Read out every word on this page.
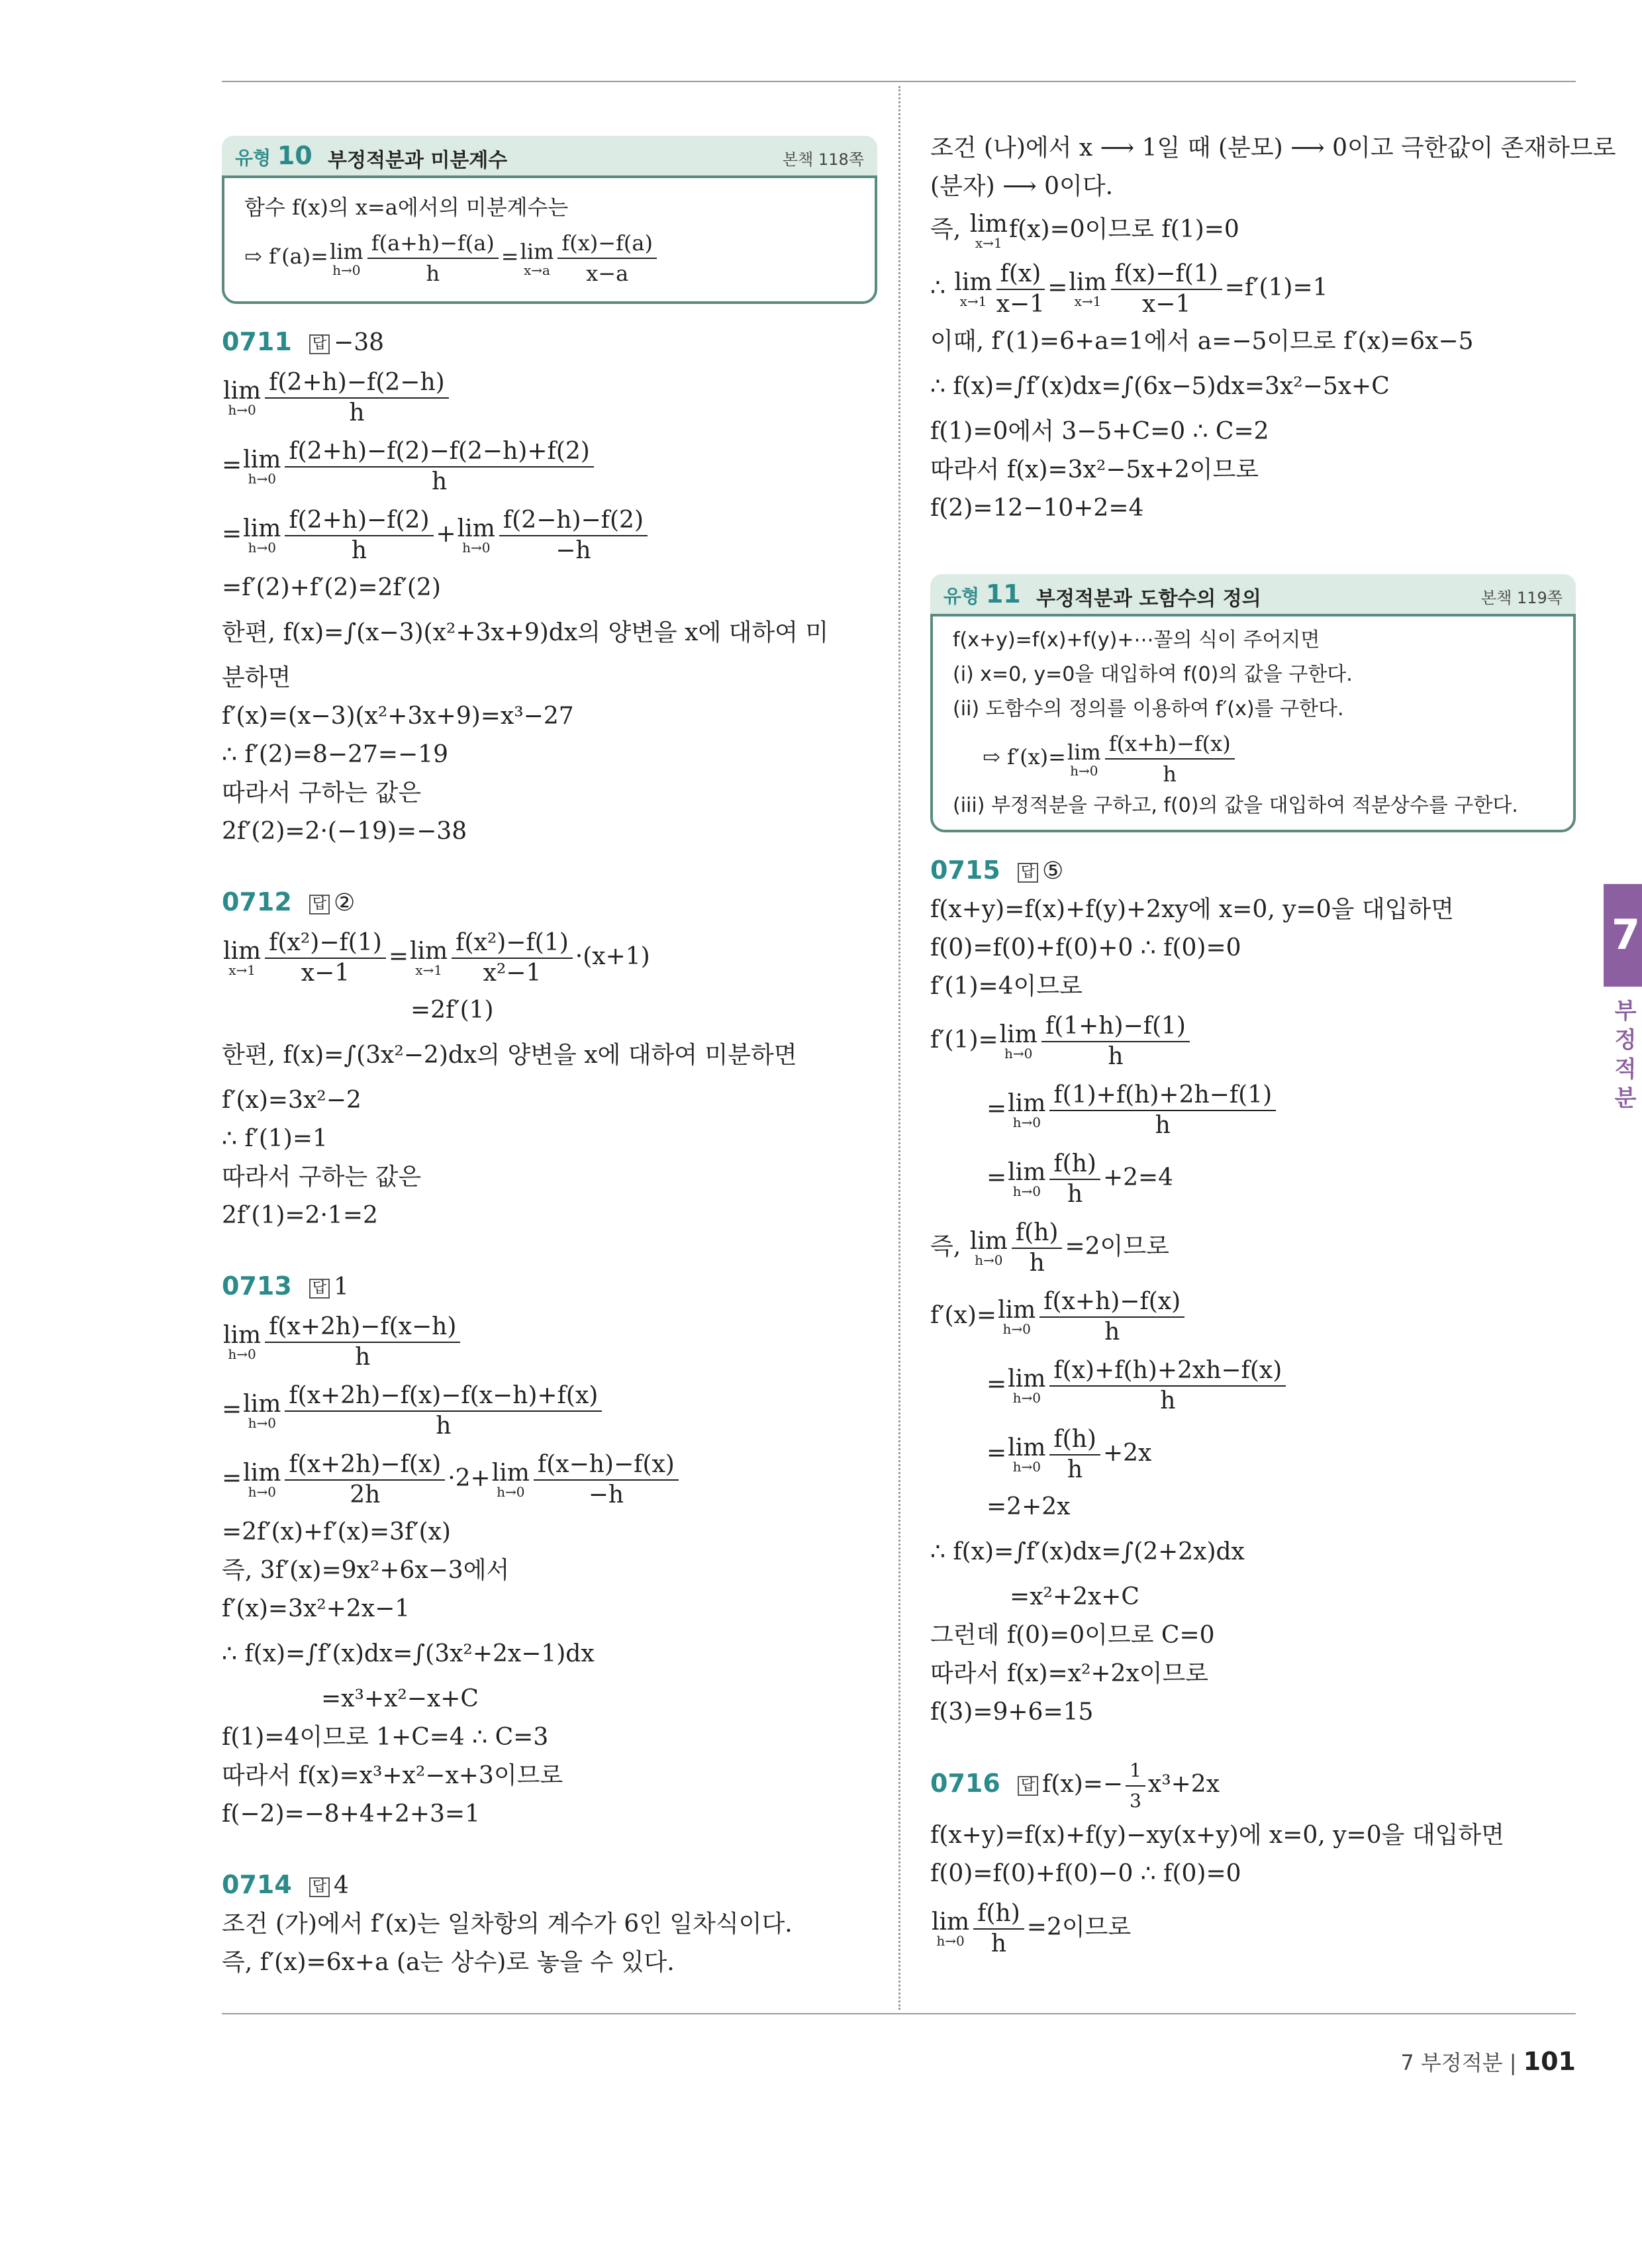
유형 10 부정적분과 미분계수	본책 118쪽
함수 f(x)의 x=a에서의 미분계수는
⇨ f′(a)= lim
$h\to 0 \frac{f(a+h)-f(a)}{h} = \lim$
$x\to a \frac{f(x)-f(a)}{x-a}$
0711 답 −38
lim
$h\to 0 \frac{f(2+h)-f(2-h)}{h}$
= lim
$h\to 0 \frac{f(2+h)-f(2)-f(2-h)+f(2)}{h}$
= lim
$h\to 0 \frac{f(2+h)-f(2)}{h} + \lim$
$h\to 0 \frac{f(2-h)-f(2)}{-h}$
=f′(2)+f′(2)=2f′(2)
한편, f(x)=∫(x−3)(x²+3x+9)dx의 양변을 x에 대하여 미
분하면
f′(x)=(x−3)(x²+3x+9)=x³−27
∴ f′(2)=8−27=−19
따라서 구하는 값은
2f′(2)=2·(−19)=−38
0712 답 ②
lim
$x\to 1 \frac{\text{f(x²)−f(1)}}{x-1} = \lim$
$x\to 1 \frac{\text{f(x²)−f(1)}}{\text{x²−1}} \cdot(x+1)$
=2f′(1)
한편, f(x)=∫(3x²−2)dx의 양변을 x에 대하여 미분하면
f′(x)=3x²−2
∴ f′(1)=1
따라서 구하는 값은
2f′(1)=2·1=2
0713 답 1
lim
$h\to 0 \frac{f(x+2h)-f(x-h)}{h}$
= lim
$h\to 0 \frac{f(x+2h)-f(x)-f(x-h)+f(x)}{h}$
= lim
$h\to 0 \frac{f(x+2h)-f(x)}{2h} \cdot 2+ \lim$
$h\to 0 \frac{f(x-h)-f(x)}{-h}$
=2f′(x)+f′(x)=3f′(x)
즉, 3f′(x)=9x²+6x−3에서
f′(x)=3x²+2x−1
∴ f(x)=∫f′(x)dx=∫(3x²+2x−1)dx
=x³+x²−x+C
f(1)=4이므로 1+C=4 ∴ C=3
따라서 f(x)=x³+x²−x+3이므로
f(−2)=−8+4+2+3=1
0714 답 4
조건 (가)에서 f′(x)는 일차항의 계수가 6인 일차식이다.
즉, f′(x)=6x+a (a는 상수)로 놓을 수 있다.
조건 (나)에서 x ⟶ 1일 때 (분모) ⟶ 0이고 극한값이 존재하므로
(분자) ⟶ 0이다.
즉, lim
x→1 f(x)=0이므로 f(1)=0
∴ lim
$x\to 1 \frac{f(x)}{x-1} = \lim$
$x\to 1 \frac{f(x)-f(1)}{x-1} =f'(1)=1$
이때, f′(1)=6+a=1에서 a=−5이므로 f′(x)=6x−5
∴ f(x)=∫f′(x)dx=∫(6x−5)dx=3x²−5x+C
f(1)=0에서 3−5+C=0 ∴ C=2
따라서 f(x)=3x²−5x+2이므로
f(2)=12−10+2=4
유형 11 부정적분과 도함수의 정의	본책 119쪽
f(x+y)=f(x)+f(y)+⋯꼴의 식이 주어지면
(i) x=0, y=0을 대입하여 f(0)의 값을 구한다.
(ii) 도함수의 정의를 이용하여 f′(x)를 구한다.
⇨ f′(x)= lim
$h\to 0 \frac{f(x+h)-f(x)}{h}$
(iii) 부정적분을 구하고, f(0)의 값을 대입하여 적분상수를 구한다.
0715 답 ⑤
f(x+y)=f(x)+f(y)+2xy에 x=0, y=0을 대입하면
f(0)=f(0)+f(0)+0 ∴ f(0)=0
f′(1)=4이므로
f′(1)= lim
$h\to 0 \frac{f(1+h)-f(1)}{h}$
= lim
$h\to 0 \frac{f(1)+f(h)+2h-f(1)}{h}$
= lim
$h\to 0 \frac{f(h)}{h} +2=4$
즉, lim
$h\to 0 \frac{f(h)}{h} =2$이므로
f′(x)= lim
$h\to 0 \frac{f(x+h)-f(x)}{h}$
= lim
$h\to 0 \frac{f(x)+f(h)+2xh-f(x)}{h}$
= lim
$h\to 0 \frac{f(h)}{h} +2x$
=2+2x
∴ f(x)=∫f′(x)dx=∫(2+2x)dx
=x²+2x+C
그런데 f(0)=0이므로 C=0
따라서 f(x)=x²+2x이므로
f(3)=9+6=15
0716 답 $f(x)=- \frac{1}{3} x^3+2x$
f(x+y)=f(x)+f(y)−xy(x+y)에 x=0, y=0을 대입하면
f(0)=f(0)+f(0)−0 ∴ f(0)=0
lim
$h\to 0 \frac{f(h)}{h} =2$이므로
7
부정적분
7 부정적분 | 101
